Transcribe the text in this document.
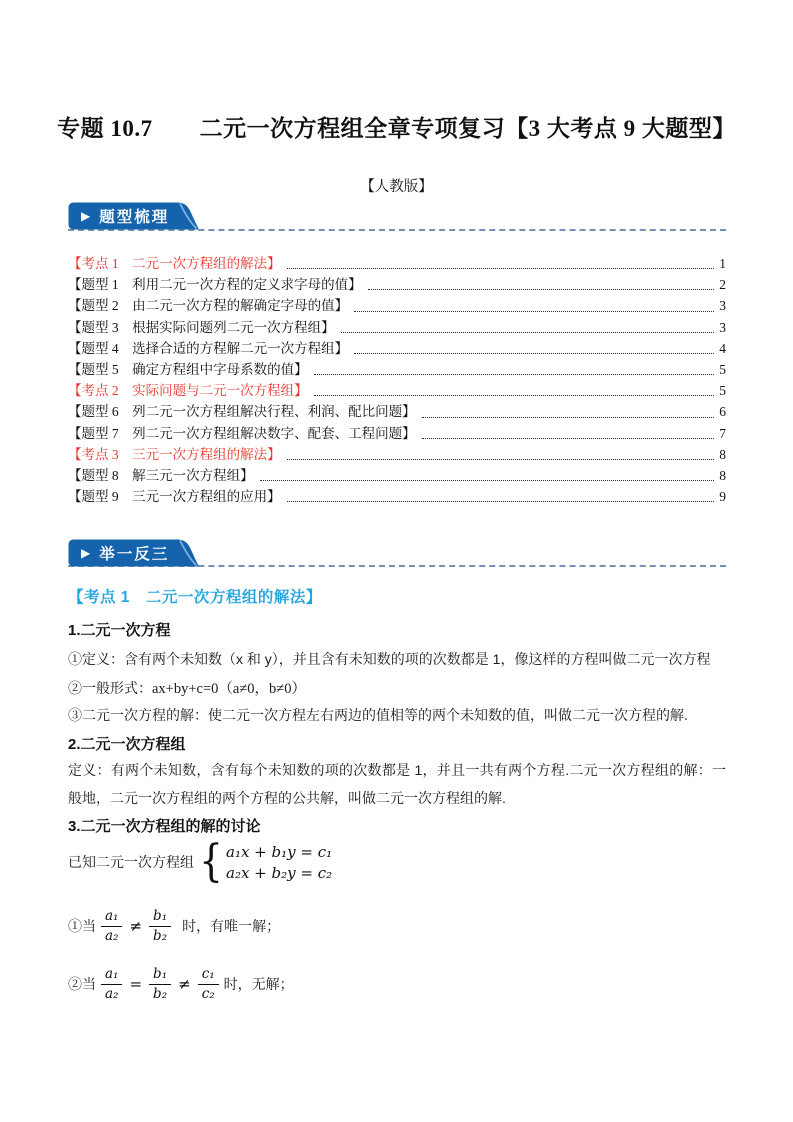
专题 10.7　　二元一次方程组全章专项复习【3 大考点 9 大题型】
【人教版】
▶ 题型梳理
【考点 1　二元一次方程组的解法】	1
【题型 1　利用二元一次方程的定义求字母的值】	2
【题型 2　由二元一次方程的解确定字母的值】	3
【题型 3　根据实际问题列二元一次方程组】	3
【题型 4　选择合适的方程解二元一次方程组】	4
【题型 5　确定方程组中字母系数的值】	5
【考点 2　实际问题与二元一次方程组】	5
【题型 6　列二元一次方程组解决行程、利润、配比问题】	6
【题型 7　列二元一次方程组解决数字、配套、工程问题】	7
【考点 3　三元一次方程组的解法】	8
【题型 8　解三元一次方程组】	8
【题型 9　三元一次方程组的应用】	9
▶ 举一反三
【考点 1　二元一次方程组的解法】
1.二元一次方程
①定义：含有两个未知数（x 和 y），并且含有未知数的项的次数都是 1，像这样的方程叫做二元一次方程
②一般形式：ax+by+c=0（a≠0，b≠0）
③二元一次方程的解：使二元一次方程左右两边的值相等的两个未知数的值，叫做二元一次方程的解.
2.二元一次方程组
定义：有两个未知数，含有每个未知数的项的次数都是 1，并且一共有两个方程.二元一次方程组的解：一般地，二元一次方程组的两个方程的公共解，叫做二元一次方程组的解.
3.二元一次方程组的解的讨论
已知二元一次方程组 { a₁x + b₁y = c₁
a₂x + b₂y = c₂
①当 $\frac{\text{a₁}}{\text{a₂}} \ne \frac{\text{b₁}}{\text{b₂}}$ 时，有唯一解；
②当 $\frac{\text{a₁}}{\text{a₂}} = \frac{\text{b₁}}{\text{b₂}} \ne \frac{\text{c₁}}{\text{c₂}}$ 时，无解；
